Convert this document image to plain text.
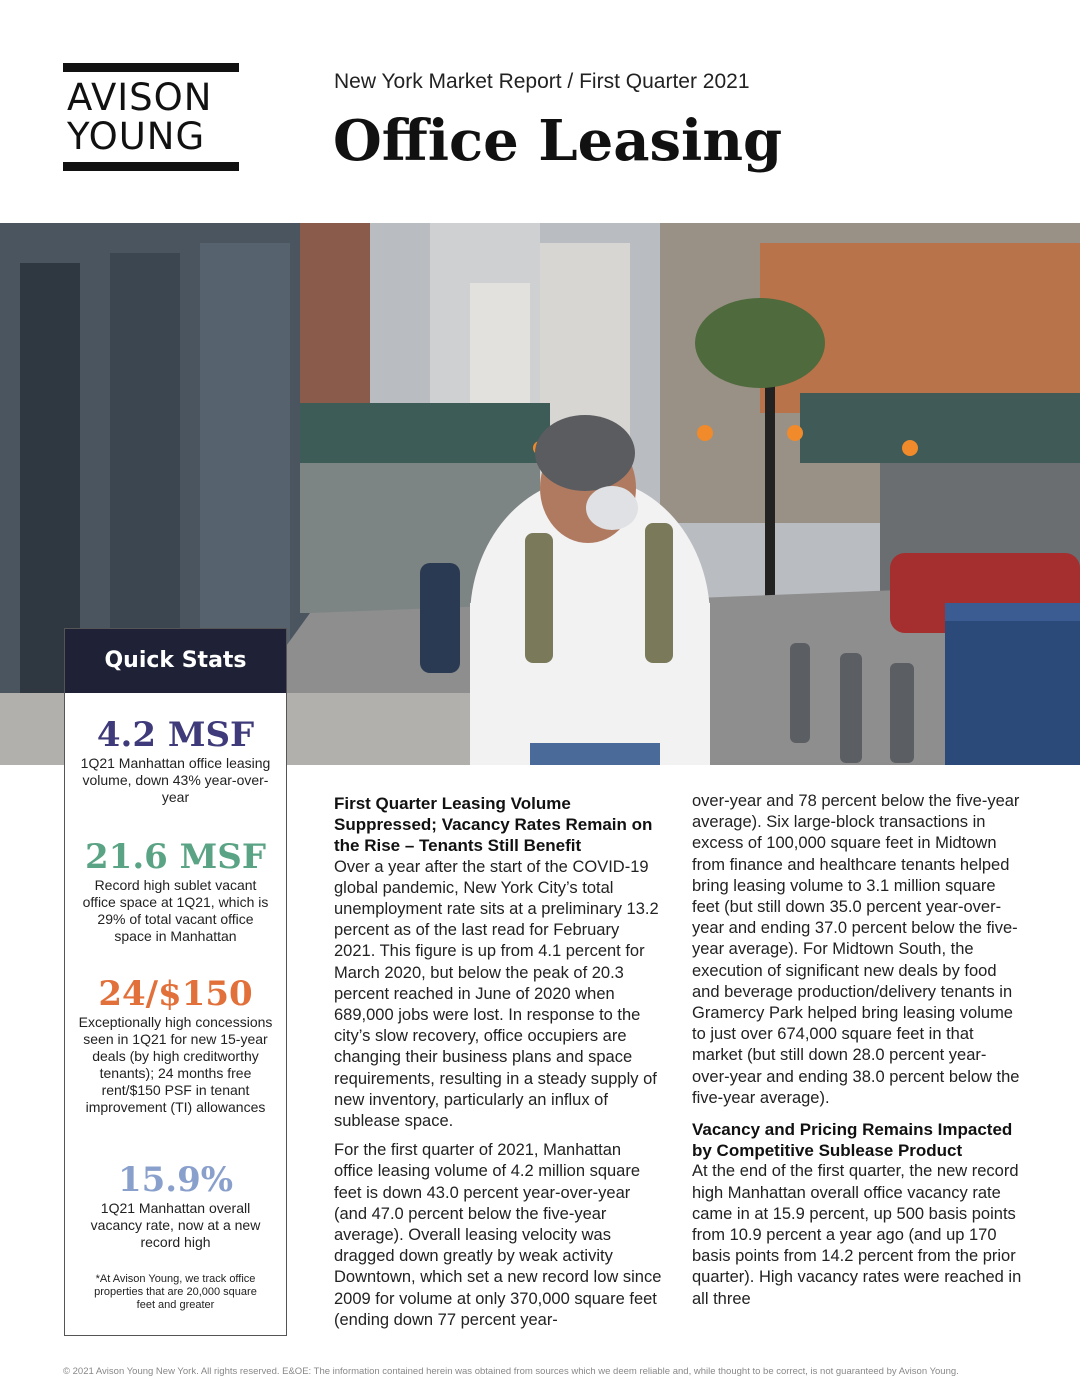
AVISON
YOUNG
New York Market Report / First Quarter 2021
Office Leasing
Quick Stats
4.2 MSF
1Q21 Manhattan office leasing volume, down 43% year-over-year
21.6 MSF
Record high sublet vacant office space at 1Q21, which is 29% of total vacant office space in Manhattan
24/$150
Exceptionally high concessions seen in 1Q21 for new 15-year deals (by high creditworthy tenants); 24 months free rent/$150 PSF in tenant improvement (TI) allowances
15.9%
1Q21 Manhattan overall vacancy rate, now at a new record high
*At Avison Young, we track office properties that are 20,000 square feet and greater
First Quarter Leasing Volume Suppressed; Vacancy Rates Remain on the Rise – Tenants Still Benefit

Over a year after the start of the COVID-19 global pandemic, New York City’s total unemployment rate sits at a preliminary 13.2 percent as of the last read for February 2021. This figure is up from 4.1 percent for March 2020, but below the peak of 20.3 percent reached in June of 2020 when 689,000 jobs were lost. In response to the city’s slow recovery, office occupiers are changing their business plans and space requirements, resulting in a steady supply of new inventory, particularly an influx of sublease space.

For the first quarter of 2021, Manhattan office leasing volume of 4.2 million square feet is down 43.0 percent year-over-year (and 47.0 percent below the five-year average). Overall leasing velocity was dragged down greatly by weak activity Downtown, which set a new record low since 2009 for volume at only 370,000 square feet (ending down 77 percent year-

over-year and 78 percent below the five-year average). Six large-block transactions in excess of 100,000 square feet in Midtown from finance and healthcare tenants helped bring leasing volume to 3.1 million square feet (but still down 35.0 percent year-over-year and ending 37.0 percent below the five-year average). For Midtown South, the execution of significant new deals by food and beverage production/delivery tenants in Gramercy Park helped bring leasing volume to just over 674,000 square feet in that market (but still down 28.0 percent year-over-year and ending 38.0 percent below the five-year average).

Vacancy and Pricing Remains Impacted by Competitive Sublease Product

At the end of the first quarter, the new record high Manhattan overall office vacancy rate came in at 15.9 percent, up 500 basis points from 10.9 percent a year ago (and up 170 basis points from 14.2 percent from the prior quarter). High vacancy rates were reached in all three

© 2021 Avison Young New York. All rights reserved. E&OE: The information contained herein was obtained from sources which we deem reliable and, while thought to be correct, is not guaranteed by Avison Young.
